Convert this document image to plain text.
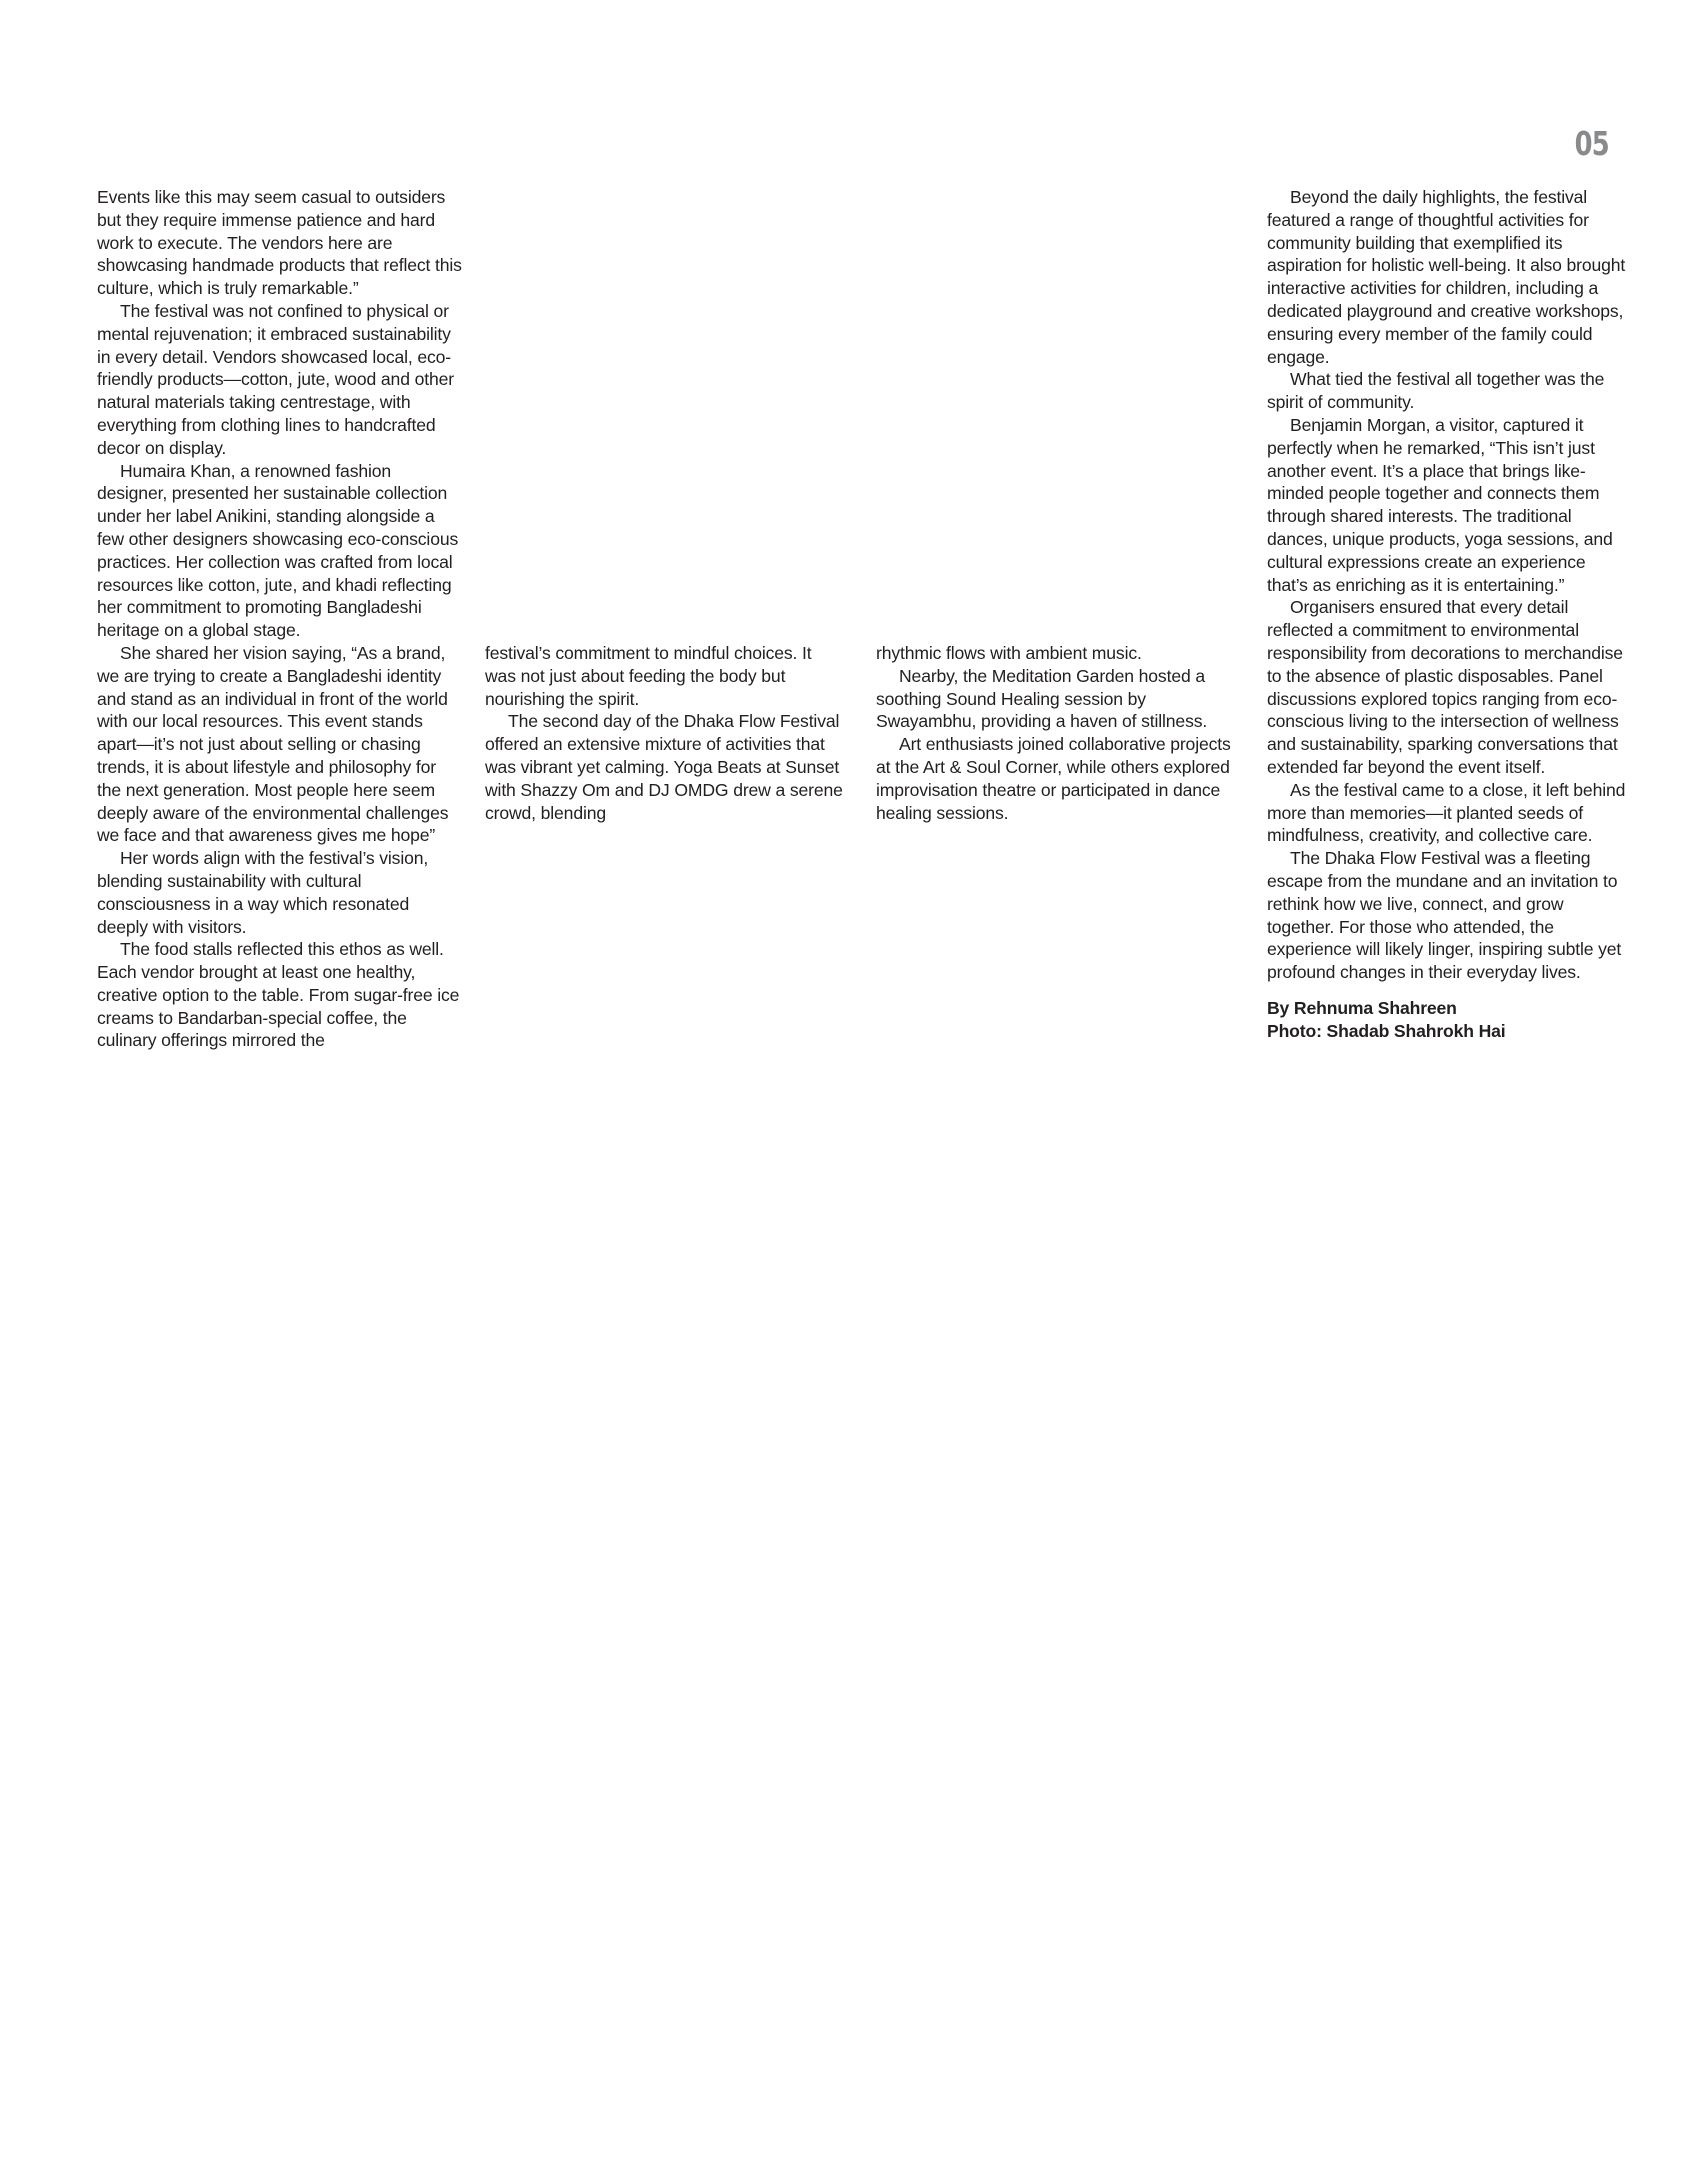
05

Events like this may seem casual to outsiders but they require immense patience and hard work to execute. The vendors here are showcasing handmade products that reflect this culture, which is truly remarkable.”

The festival was not confined to physical or mental rejuvenation; it embraced sustainability in every detail. Vendors showcased local, eco-friendly products—cotton, jute, wood and other natural materials taking centrestage, with everything from clothing lines to handcrafted decor on display.

Humaira Khan, a renowned fashion designer, presented her sustainable collection under her label Anikini, standing alongside a few other designers showcasing eco-conscious practices. Her collection was crafted from local resources like cotton, jute, and khadi reflecting her commitment to promoting Bangladeshi heritage on a global stage.

She shared her vision saying, “As a brand, we are trying to create a Bangladeshi identity and stand as an individual in front of the world with our local resources. This event stands apart—it’s not just about selling or chasing trends, it is about lifestyle and philosophy for the next generation. Most people here seem deeply aware of the environmental challenges we face and that awareness gives me hope”

Her words align with the festival’s vision, blending sustainability with cultural consciousness in a way which resonated deeply with visitors.

The food stalls reflected this ethos as well. Each vendor brought at least one healthy, creative option to the table. From sugar-free ice creams to Bandarban-special coffee, the culinary offerings mirrored the

festival’s commitment to mindful choices. It was not just about feeding the body but nourishing the spirit.

The second day of the Dhaka Flow Festival offered an extensive mixture of activities that was vibrant yet calming. Yoga Beats at Sunset with Shazzy Om and DJ OMDG drew a serene crowd, blending

rhythmic flows with ambient music.

Nearby, the Meditation Garden hosted a soothing Sound Healing session by Swayambhu, providing a haven of stillness.

Art enthusiasts joined collaborative projects at the Art & Soul Corner, while others explored improvisation theatre or participated in dance healing sessions.

Beyond the daily highlights, the festival featured a range of thoughtful activities for community building that exemplified its aspiration for holistic well-being. It also brought interactive activities for children, including a dedicated playground and creative workshops, ensuring every member of the family could engage.

What tied the festival all together was the spirit of community.

Benjamin Morgan, a visitor, captured it perfectly when he remarked, “This isn’t just another event. It’s a place that brings like-minded people together and connects them through shared interests. The traditional dances, unique products, yoga sessions, and cultural expressions create an experience that’s as enriching as it is entertaining.”

Organisers ensured that every detail reflected a commitment to environmental responsibility from decorations to merchandise to the absence of plastic disposables. Panel discussions explored topics ranging from eco-conscious living to the intersection of wellness and sustainability, sparking conversations that extended far beyond the event itself.

As the festival came to a close, it left behind more than memories—it planted seeds of mindfulness, creativity, and collective care.

The Dhaka Flow Festival was a fleeting escape from the mundane and an invitation to rethink how we live, connect, and grow together. For those who attended, the experience will likely linger, inspiring subtle yet profound changes in their everyday lives.

By Rehnuma Shahreen
Photo: Shadab Shahrokh Hai
